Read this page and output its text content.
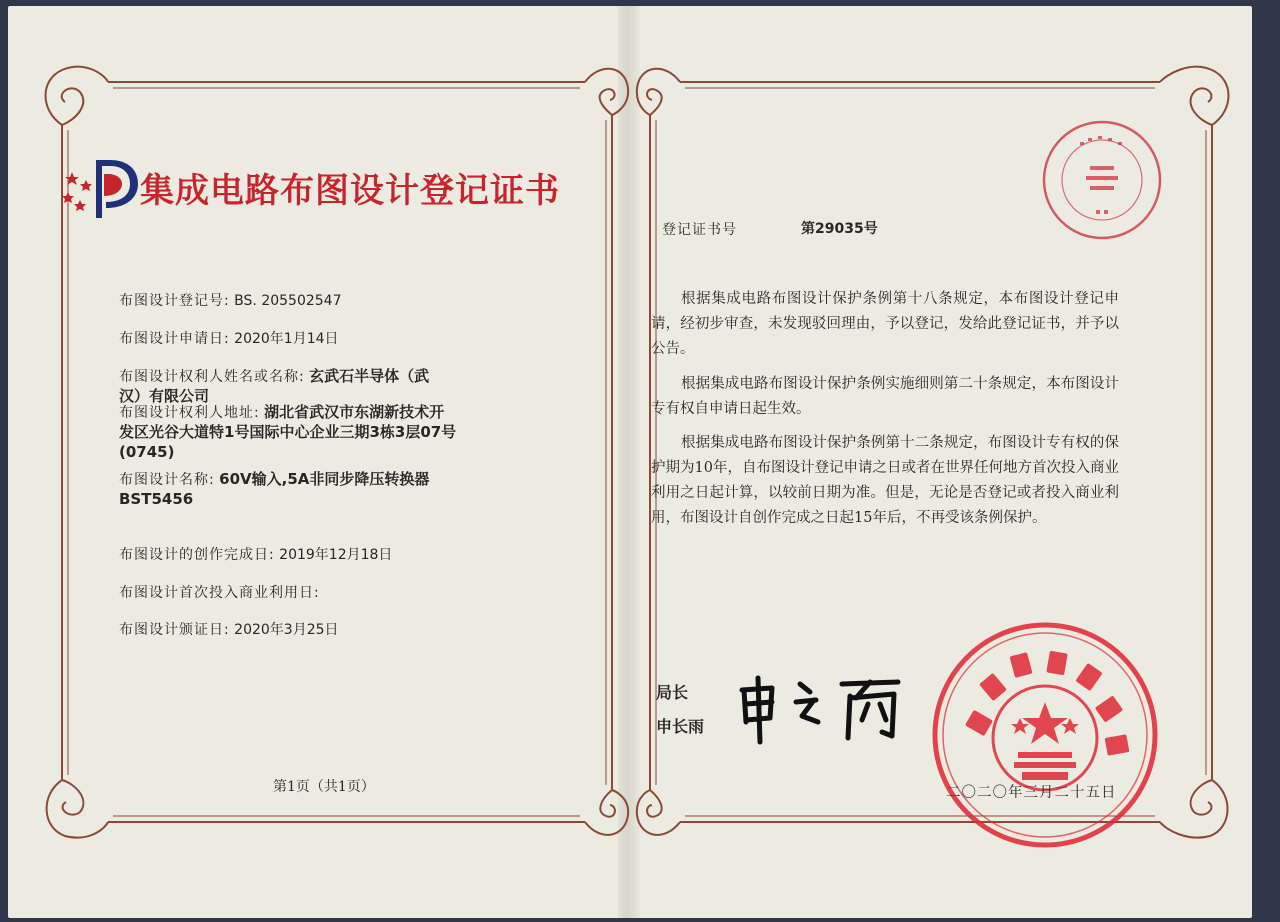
集成电路布图设计登记证书
布图设计登记号: BS. 205502547
布图设计申请日: 2020年1月14日
布图设计权利人姓名或名称: 玄武石半导体（武
汉）有限公司
布图设计权利人地址: 湖北省武汉市东湖新技术开
发区光谷大道特1号国际中心企业三期3栋3层07号
(0745)
布图设计名称: 60V输入,5A非同步降压转换器
BST5456
布图设计的创作完成日: 2019年12月18日
布图设计首次投入商业利用日:
布图设计颁证日: 2020年3月25日
第1页（共1页）
登记证书号	第29035号
根据集成电路布图设计保护条例第十八条规定，本布图设计登记申请，经初步审查，未发现驳回理由，予以登记，发给此登记证书，并予以公告。
根据集成电路布图设计保护条例实施细则第二十条规定，本布图设计专有权自申请日起生效。
根据集成电路布图设计保护条例第十二条规定，布图设计专有权的保护期为10年，自布图设计登记申请之日或者在世界任何地方首次投入商业利用之日起计算，以较前日期为准。但是，无论是否登记或者投入商业利用，布图设计自创作完成之日起15年后，不再受该条例保护。
局长
申长雨
二〇二〇年三月二十五日
